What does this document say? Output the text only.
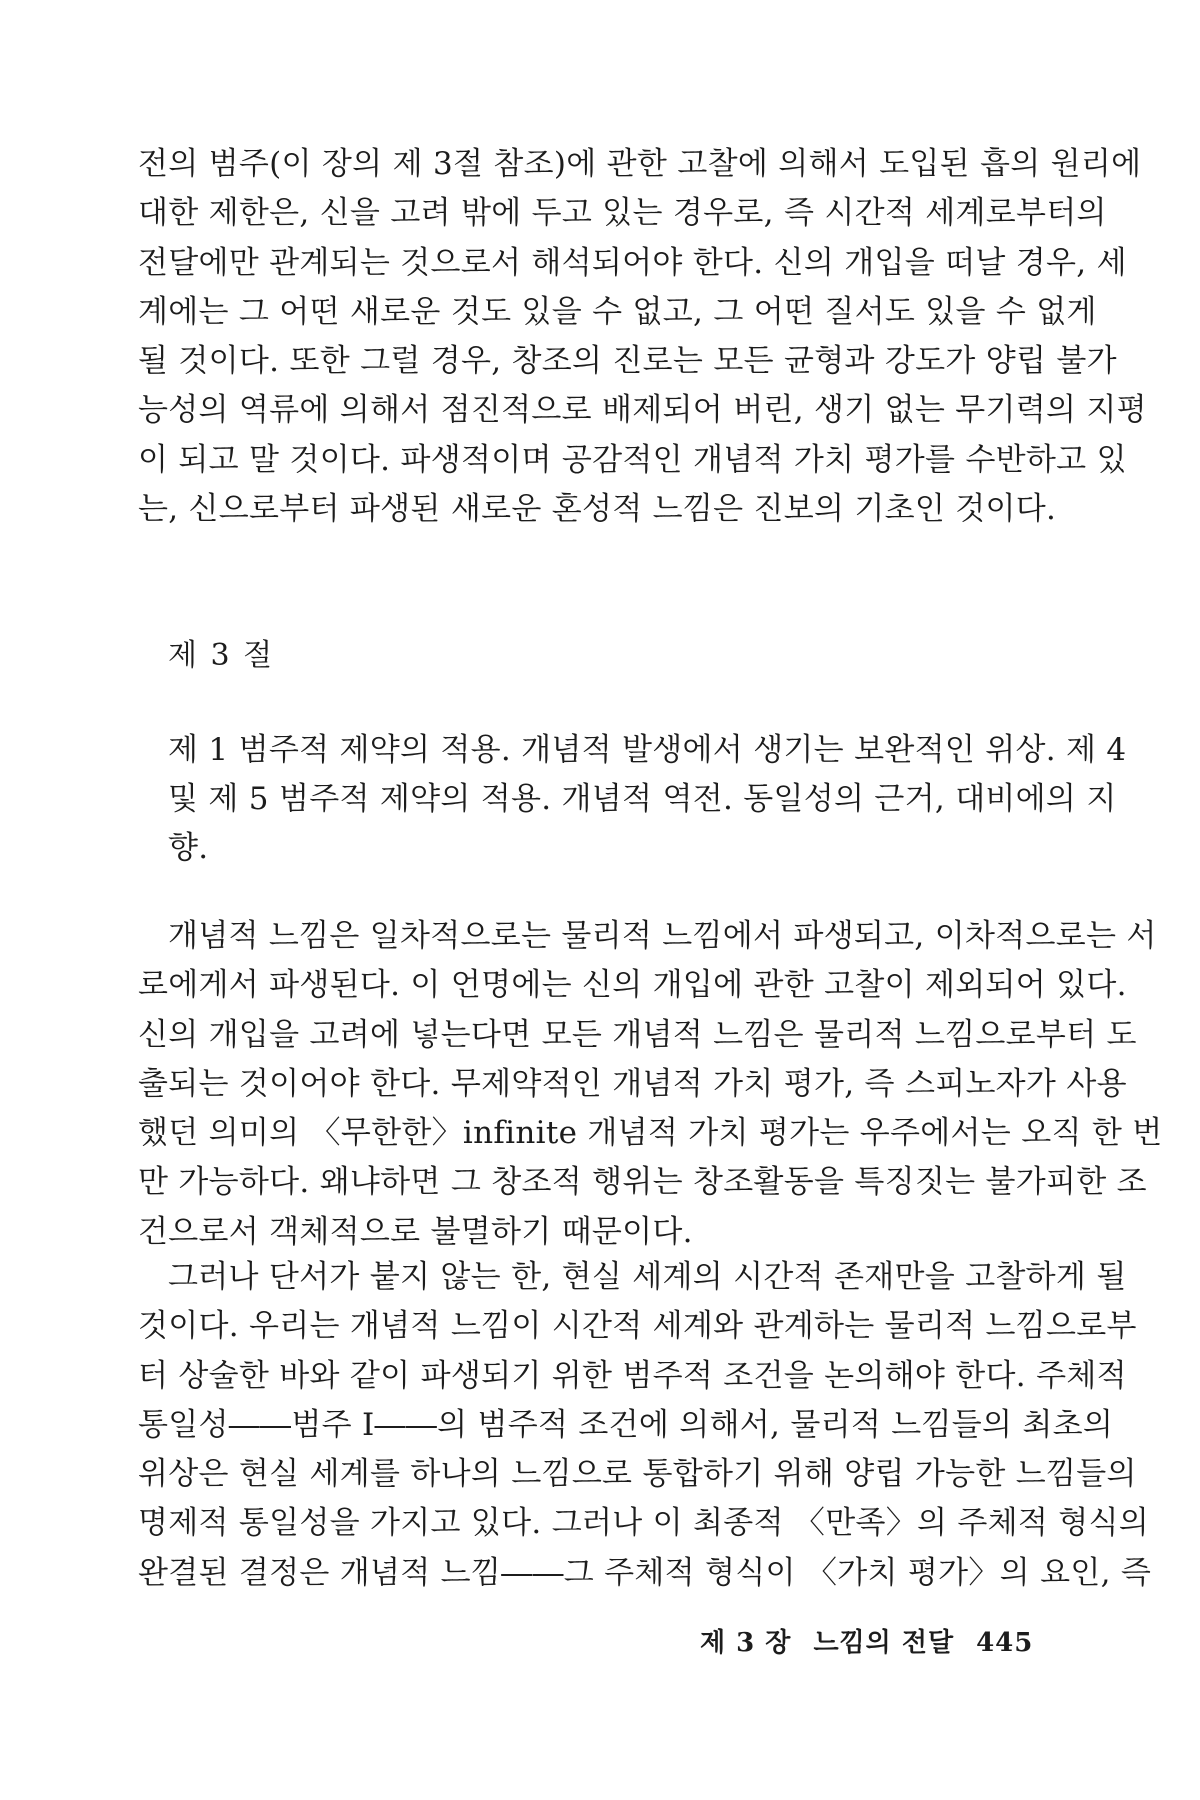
전의 범주(이 장의 제 3절 참조)에 관한 고찰에 의해서 도입된 흡의 원리에
대한 제한은, 신을 고려 밖에 두고 있는 경우로, 즉 시간적 세계로부터의
전달에만 관계되는 것으로서 해석되어야 한다. 신의 개입을 떠날 경우, 세
계에는 그 어떤 새로운 것도 있을 수 없고, 그 어떤 질서도 있을 수 없게
될 것이다. 또한 그럴 경우, 창조의 진로는 모든 균형과 강도가 양립 불가
능성의 역류에 의해서 점진적으로 배제되어 버린, 생기 없는 무기력의 지평
이 되고 말 것이다. 파생적이며 공감적인 개념적 가치 평가를 수반하고 있
는, 신으로부터 파생된 새로운 혼성적 느낌은 진보의 기초인 것이다.
제 3 절
제 1 범주적 제약의 적용. 개념적 발생에서 생기는 보완적인 위상. 제 4
및 제 5 범주적 제약의 적용. 개념적 역전. 동일성의 근거, 대비에의 지
향.
개념적 느낌은 일차적으로는 물리적 느낌에서 파생되고, 이차적으로는 서
로에게서 파생된다. 이 언명에는 신의 개입에 관한 고찰이 제외되어 있다.
신의 개입을 고려에 넣는다면 모든 개념적 느낌은 물리적 느낌으로부터 도
출되는 것이어야 한다. 무제약적인 개념적 가치 평가, 즉 스피노자가 사용
했던 의미의 〈무한한〉infinite 개념적 가치 평가는 우주에서는 오직 한 번
만 가능하다. 왜냐하면 그 창조적 행위는 창조활동을 특징짓는 불가피한 조
건으로서 객체적으로 불멸하기 때문이다.
그러나 단서가 붙지 않는 한, 현실 세계의 시간적 존재만을 고찰하게 될
것이다. 우리는 개념적 느낌이 시간적 세계와 관계하는 물리적 느낌으로부
터 상술한 바와 같이 파생되기 위한 범주적 조건을 논의해야 한다. 주체적
통일성――범주 Ⅰ――의 범주적 조건에 의해서, 물리적 느낌들의 최초의
위상은 현실 세계를 하나의 느낌으로 통합하기 위해 양립 가능한 느낌들의
명제적 통일성을 가지고 있다. 그러나 이 최종적 〈만족〉의 주체적 형식의
완결된 결정은 개념적 느낌――그 주체적 형식이 〈가치 평가〉의 요인, 즉
제 3 장 느낌의 전달 445
